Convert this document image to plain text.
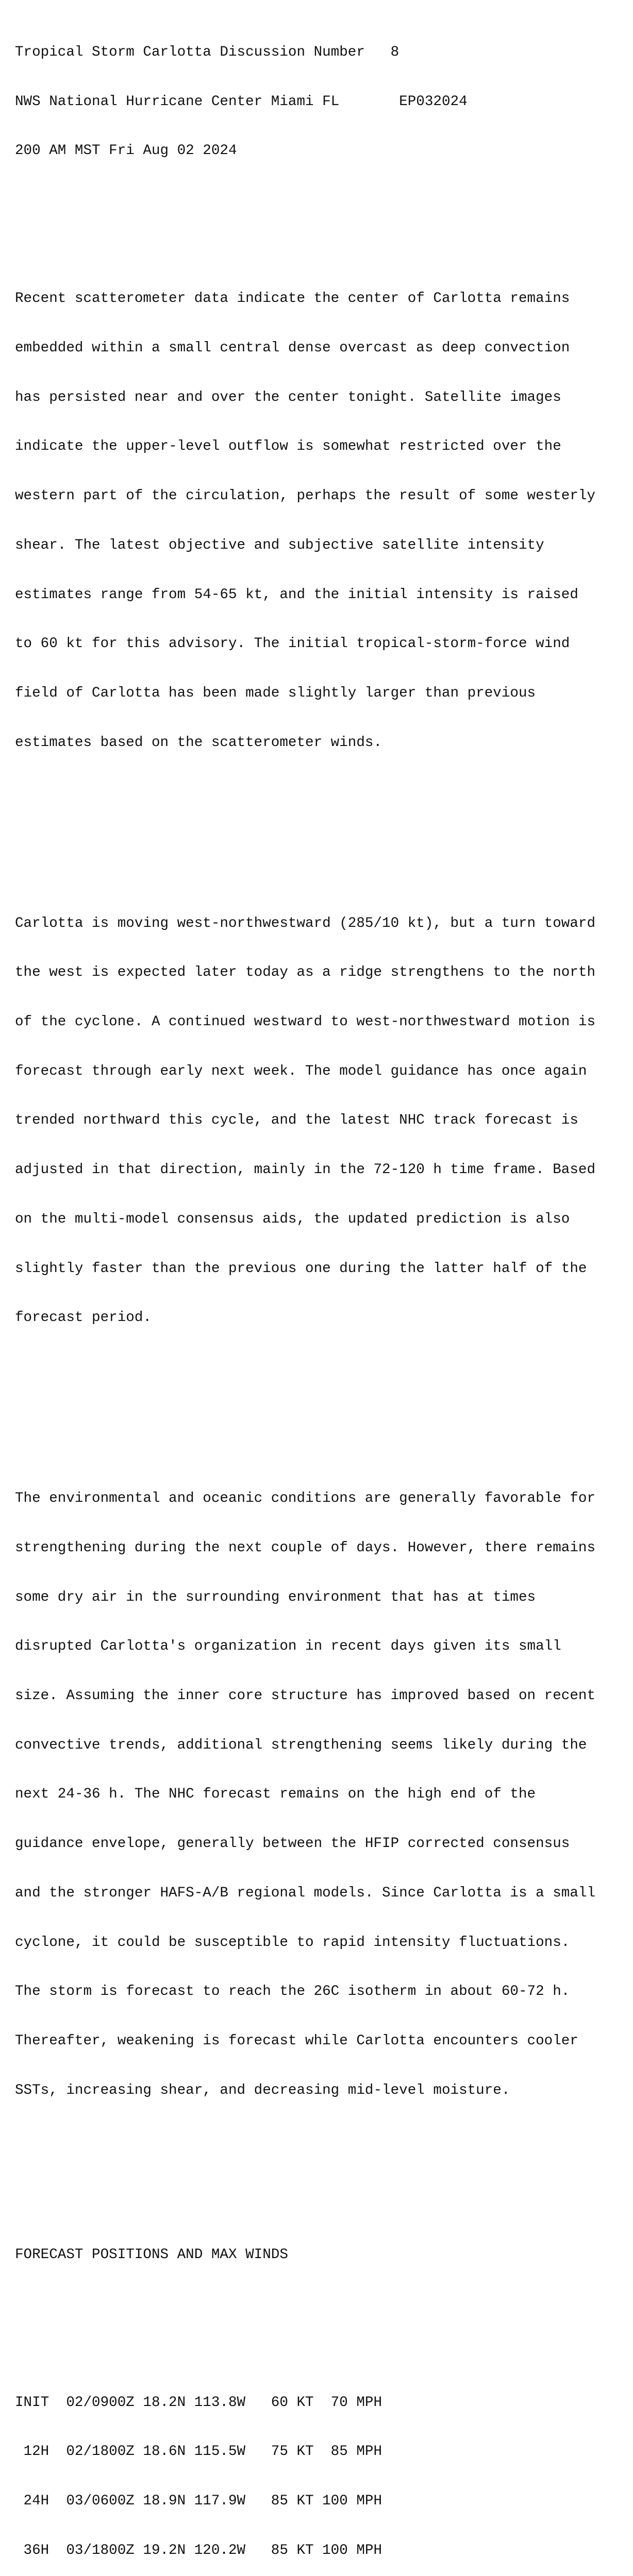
Tropical Storm Carlotta Discussion Number   8

NWS National Hurricane Center Miami FL       EP032024

200 AM MST Fri Aug 02 2024

Recent scatterometer data indicate the center of Carlotta remains

embedded within a small central dense overcast as deep convection

has persisted near and over the center tonight. Satellite images

indicate the upper-level outflow is somewhat restricted over the

western part of the circulation, perhaps the result of some westerly

shear. The latest objective and subjective satellite intensity

estimates range from 54-65 kt, and the initial intensity is raised

to 60 kt for this advisory. The initial tropical-storm-force wind

field of Carlotta has been made slightly larger than previous

estimates based on the scatterometer winds.

Carlotta is moving west-northwestward (285/10 kt), but a turn toward

the west is expected later today as a ridge strengthens to the north

of the cyclone. A continued westward to west-northwestward motion is

forecast through early next week. The model guidance has once again

trended northward this cycle, and the latest NHC track forecast is

adjusted in that direction, mainly in the 72-120 h time frame. Based

on the multi-model consensus aids, the updated prediction is also

slightly faster than the previous one during the latter half of the

forecast period.

The environmental and oceanic conditions are generally favorable for

strengthening during the next couple of days. However, there remains

some dry air in the surrounding environment that has at times

disrupted Carlotta's organization in recent days given its small

size. Assuming the inner core structure has improved based on recent

convective trends, additional strengthening seems likely during the

next 24-36 h. The NHC forecast remains on the high end of the

guidance envelope, generally between the HFIP corrected consensus

and the stronger HAFS-A/B regional models. Since Carlotta is a small

cyclone, it could be susceptible to rapid intensity fluctuations.

The storm is forecast to reach the 26C isotherm in about 60-72 h.

Thereafter, weakening is forecast while Carlotta encounters cooler

SSTs, increasing shear, and decreasing mid-level moisture.

FORECAST POSITIONS AND MAX WINDS

INIT  02/0900Z 18.2N 113.8W   60 KT  70 MPH

12H  02/1800Z 18.6N 115.5W   75 KT  85 MPH

24H  03/0600Z 18.9N 117.9W   85 KT 100 MPH

36H  03/1800Z 19.2N 120.2W   85 KT 100 MPH
